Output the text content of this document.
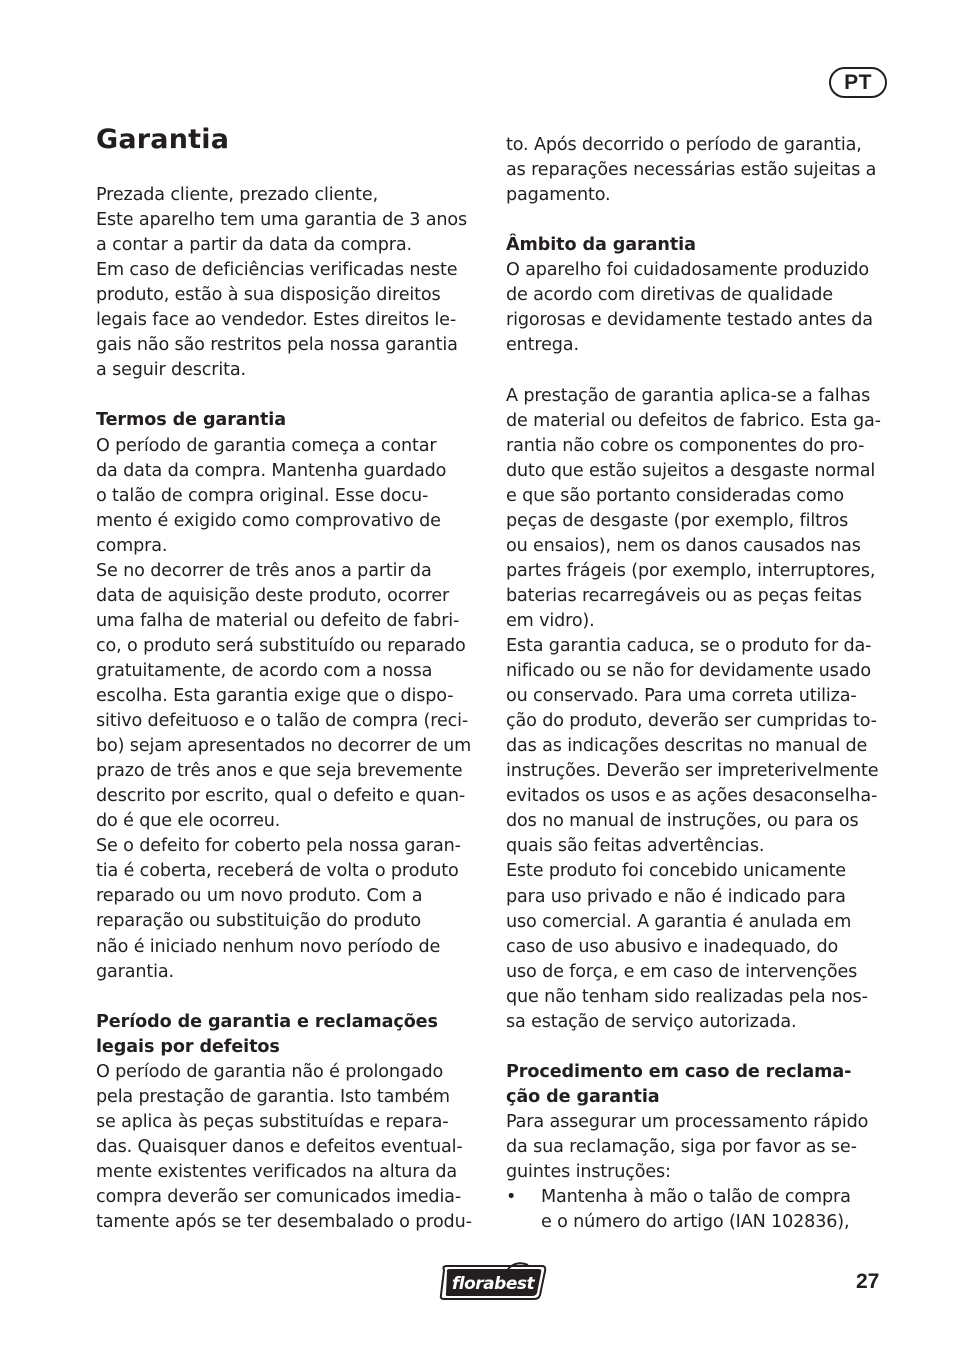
PT
Garantia
Prezada cliente, prezado cliente,
Este aparelho tem uma garantia de 3 anos
a contar a partir da data da compra.
Em caso de deficiências verificadas neste
produto, estão à sua disposição direitos
legais face ao vendedor. Estes direitos le-
gais não são restritos pela nossa garantia
a seguir descrita.
Termos de garantia
O período de garantia começa a contar
da data da compra. Mantenha guardado
o talão de compra original. Esse docu-
mento é exigido como comprovativo de
compra.
Se no decorrer de três anos a partir da
data de aquisição deste produto, ocorrer
uma falha de material ou defeito de fabri-
co, o produto será substituído ou reparado
gratuitamente, de acordo com a nossa
escolha. Esta garantia exige que o dispo-
sitivo defeituoso e o talão de compra (reci-
bo) sejam apresentados no decorrer de um
prazo de três anos e que seja brevemente
descrito por escrito, qual o defeito e quan-
do é que ele ocorreu.
Se o defeito for coberto pela nossa garan-
tia é coberta, receberá de volta o produto
reparado ou um novo produto. Com a
reparação ou substituição do produto
não é iniciado nenhum novo período de
garantia.
Período de garantia e reclamações
legais por defeitos
O período de garantia não é prolongado
pela prestação de garantia. Isto também
se aplica às peças substituídas e repara-
das. Quaisquer danos e defeitos eventual-
mente existentes verificados na altura da
compra deverão ser comunicados imedia-
tamente após se ter desembalado o produ-
to. Após decorrido o período de garantia,
as reparações necessárias estão sujeitas a
pagamento.
Âmbito da garantia
O aparelho foi cuidadosamente produzido
de acordo com diretivas de qualidade
rigorosas e devidamente testado antes da
entrega.
A prestação de garantia aplica-se a falhas
de material ou defeitos de fabrico. Esta ga-
rantia não cobre os componentes do pro-
duto que estão sujeitos a desgaste normal
e que são portanto consideradas como
peças de desgaste (por exemplo, filtros
ou ensaios), nem os danos causados nas
partes frágeis (por exemplo, interruptores,
baterias recarregáveis ou as peças feitas
em vidro).
Esta garantia caduca, se o produto for da-
nificado ou se não for devidamente usado
ou conservado. Para uma correta utiliza-
ção do produto, deverão ser cumpridas to-
das as indicações descritas no manual de
instruções. Deverão ser impreterivelmente
evitados os usos e as ações desaconselha-
dos no manual de instruções, ou para os
quais são feitas advertências.
Este produto foi concebido unicamente
para uso privado e não é indicado para
uso comercial. A garantia é anulada em
caso de uso abusivo e inadequado, do
uso de força, e em caso de intervenções
que não tenham sido realizadas pela nos-
sa estação de serviço autorizada.
Procedimento em caso de reclama-
ção de garantia
Para assegurar um processamento rápido
da sua reclamação, siga por favor as se-
guintes instruções:
• Mantenha à mão o talão de compra
e o número do artigo (IAN 102836),
florabest	27
